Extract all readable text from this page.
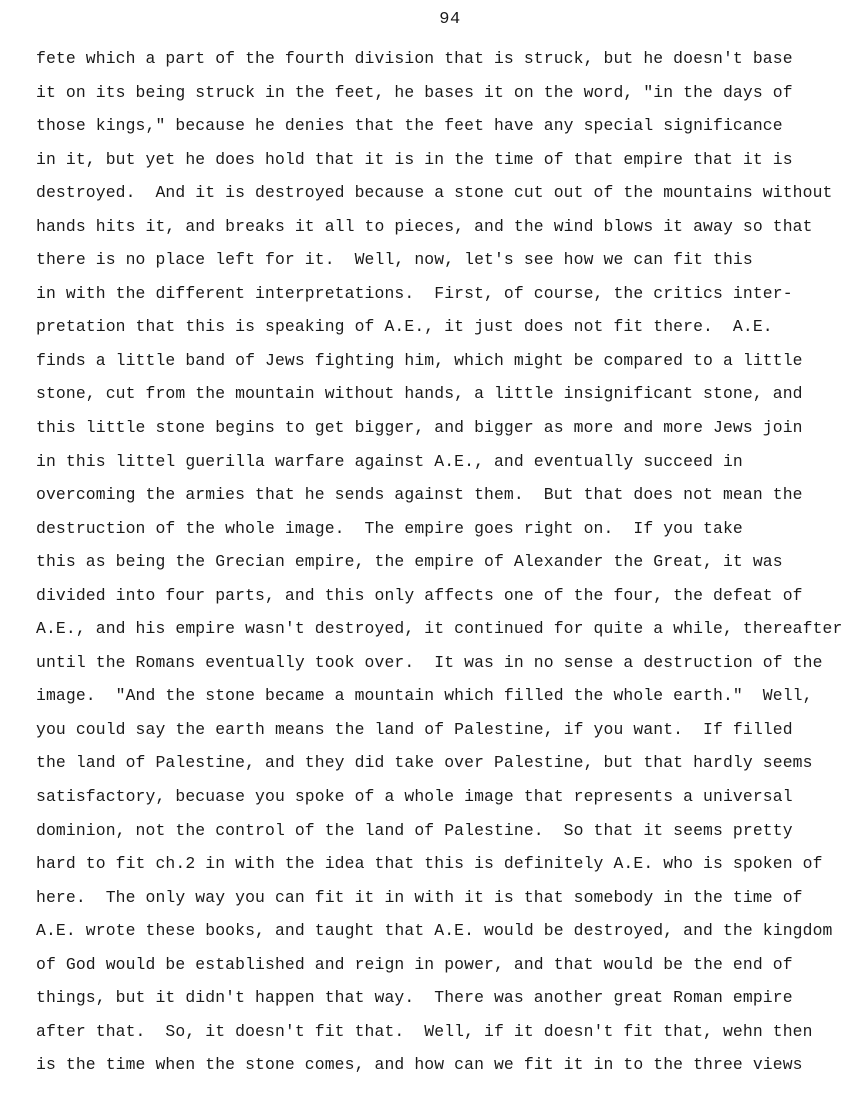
94
fete which a part of the fourth division that is struck, but he doesn't base
it on its being struck in the feet, he bases it on the word, "in the days of
those kings," because he denies that the feet have any special significance
in it, but yet he does hold that it is in the time of that empire that it is
destroyed.  And it is destroyed because a stone cut out of the mountains without
hands hits it, and breaks it all to pieces, and the wind blows it away so that
there is no place left for it.  Well, now, let's see how we can fit this
in with the different interpretations.  First, of course, the critics inter-
pretation that this is speaking of A.E., it just does not fit there.  A.E.
finds a little band of Jews fighting him, which might be compared to a little
stone, cut from the mountain without hands, a little insignificant stone, and
this little stone begins to get bigger, and bigger as more and more Jews join
in this littel guerilla warfare against A.E., and eventually succeed in
overcoming the armies that he sends against them.  But that does not mean the
destruction of the whole image.  The empire goes right on.  If you take
this as being the Grecian empire, the empire of Alexander the Great, it was
divided into four parts, and this only affects one of the four, the defeat of
A.E., and his empire wasn't destroyed, it continued for quite a while, thereafter
until the Romans eventually took over.  It was in no sense a destruction of the
image.  "And the stone became a mountain which filled the whole earth."  Well,
you could say the earth means the land of Palestine, if you want.  If filled
the land of Palestine, and they did take over Palestine, but that hardly seems
satisfactory, becuase you spoke of a whole image that represents a universal
dominion, not the control of the land of Palestine.  So that it seems pretty
hard to fit ch.2 in with the idea that this is definitely A.E. who is spoken of
here.  The only way you can fit it in with it is that somebody in the time of
A.E. wrote these books, and taught that A.E. would be destroyed, and the kingdom
of God would be established and reign in power, and that would be the end of
things, but it didn't happen that way.  There was another great Roman empire
after that.  So, it doesn't fit that.  Well, if it doesn't fit that, wehn then
is the time when the stone comes, and how can we fit it in to the three views
